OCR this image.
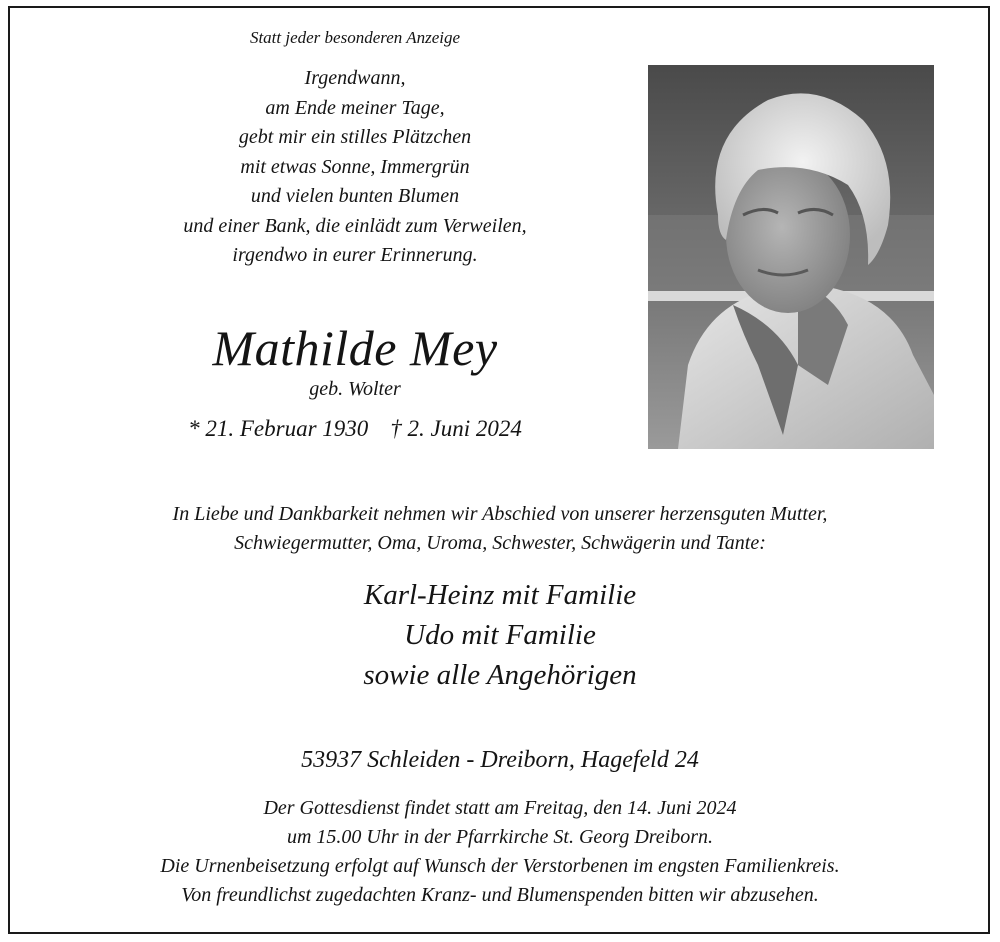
Statt jeder besonderen Anzeige
Irgendwann,
am Ende meiner Tage,
gebt mir ein stilles Plätzchen
mit etwas Sonne, Immergrün
und vielen bunten Blumen
und einer Bank, die einlädt zum Verweilen,
irgendwo in eurer Erinnerung.
Mathilde Mey
geb. Wolter
* 21. Februar 1930 † 2. Juni 2024
In Liebe und Dankbarkeit nehmen wir Abschied von unserer herzensguten Mutter,
Schwiegermutter, Oma, Uroma, Schwester, Schwägerin und Tante:
Karl-Heinz mit Familie
Udo mit Familie
sowie alle Angehörigen
53937 Schleiden - Dreiborn, Hagefeld 24
Der Gottesdienst findet statt am Freitag, den 14. Juni 2024
um 15.00 Uhr in der Pfarrkirche St. Georg Dreiborn.
Die Urnenbeisetzung erfolgt auf Wunsch der Verstorbenen im engsten Familienkreis.
Von freundlichst zugedachten Kranz- und Blumenspenden bitten wir abzusehen.
